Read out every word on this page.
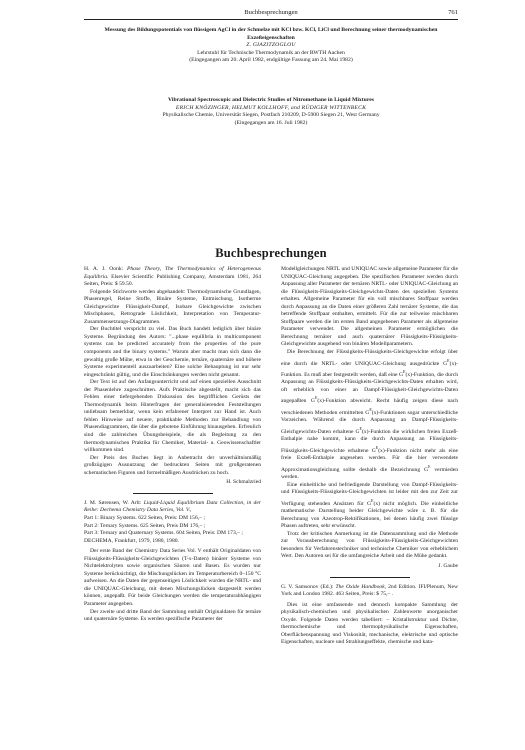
Buchbesprechungen	761
Messung des Bildungspotentials von flüssigem AgCl in der Schmelze mit KCl bzw. KCl, LiCl und Berechnung seiner thermodynamischen Exzeßeigenschaften
Z. GIAZITZOGLOU
Lehrstuhl für Technische Thermodynamik an der RWTH Aachen
(Eingegangen am 20. April 1982, endgültige Fassung am 24. Mai 1982)
Vibrational Spectroscopic and Dielectric Studies of Nitromethane in Liquid Mixtures
ERICH KNÖZINGER, HELMUT KOLLHOFF, and RÜDIGER WITTENBECK
Physikalische Chemie, Universität Siegen, Postfach 210209, D-5900 Siegen 21, West Germany
(Eingegangen am 16. Juli 1982)
Buchbesprechungen

H. A. J. Oonk: Phase Theory, The Thermodynamics of Heterogeneous Equilibria. Elsevier Scientific Publishing Company, Amsterdam 1981, 264 Seiten, Preis: $ 59.50.

Folgende Stichworte werden abgehandelt: Thermodynamische Grundlagen, Phasenregel, Reine Stoffe, Binäre Systeme, Entmischung, Isotherme Gleichgewichte Flüssigkeit-Dampf, Isobare Gleichgewichte zwischen Mischphasen, Retrograde Löslichkeit, Interpretation von Temperatur-Zusammensetzungs-Diagrammen.

Der Buchtitel verspricht zu viel. Das Buch handelt lediglich über binäre Systeme. Begründung des Autors: "...phase equilibria in multicomponent systems can be predicted accurately from the properties of the pure components and the binary systems." Warum aber macht man sich dann die gewaltig große Mühe, etwa in der Geochemie, ternäre, quaternäre und höhere Systeme experimentell auszuarbeiten? Eine solche Behauptung ist nur sehr eingeschränkt gültig, und die Einschränkungen werden nicht genannt.

Der Text ist auf den Anfangsunterricht und auf einen speziellen Ausschnitt der Phasenlehre zugeschnitten. Aufs Praktische abgestellt, macht sich das Fehlen einer tiefergehenden Diskussion des begrifflichen Gerüsts der Thermodynamik beim Hinterfragen der generalisierenden Feststellungen unliebsam bemerkbar, wenn kein erfahrener Interpret zur Hand ist. Auch fehlen Hinweise auf neuere, praktikable Methoden zur Behandlung von Phasendiagrammen, die über die gebotene Einführung hinausgehen. Erfreulich sind die zahlreichen Übungsbeispiele, die als Begleitung zu den thermodynamischen Praktika für Chemiker, Material- u. Geowissenschaftler willkommen sind.

Der Preis des Buches liegt in Anbetracht der unverhältnismäßig großzügigen Ausnutzung der bedruckten Seiten mit großgeratenen schematischen Figuren und formelmäßigen Ausdrücken zu hoch.

H. Schmalzried

J. M. Sørensen, W. Arlt: Liquid-Liquid Equilibrium Data Collection, in der Reihe: Dechema Chemistry Data Series, Vol. V.,

Part 1: Binary Systems. 622 Seiten, Preis: DM 156,– ;

Part 2: Ternary Systems. 625 Seiten, Preis DM 176,– ;

Part 3: Ternary and Quaternary Systems. 604 Seiten, Preis: DM 173,– ;

DECHEMA, Frankfurt, 1979, 1980, 1980.

Der erste Band der Chemistry Data Series Vol. V enthält Originaldaten von Flüssigkeits-Flüssigkeits-Gleichgewichten (T-x-Daten) binärer Systeme von Nichtelektrolyten sowie organischen Säuren und Basen. Es wurden nur Systeme berücksichtigt, die Mischungslücken im Temperaturbereich 0–150 °C aufweisen. An die Daten der gegenseitigen Löslichkeit wurden die NRTL- und die UNIQUAC-Gleichung, mit denen Mischungslücken dargestellt werden können, angepaßt. Für beide Gleichungen werden die temperaturabhängigen Parameter angegeben.

Der zweite und dritte Band der Sammlung enthält Originaldaten für ternäre und quaternäre Systeme. Es werden spezifische Parameter der

Modellgleichungen NRTL und UNIQUAC sowie allgemeine Parameter für die UNIQUAC-Gleichung angegeben. Die spezifischen Parameter werden durch Anpassung aller Parameter der ternären NRTL- oder UNIQUAC-Gleichung an die Flüssigkeits-Flüssigkeits-Gleichgewichts-Daten des speziellen Systems erhalten. Allgemeine Parameter für ein voll mischbares Stoffpaar werden durch Anpassung an die Daten einer größeren Zahl ternärer Systeme, die das betreffende Stoffpaar enthalten, ermittelt. Für die zur teilweise mischbaren Stoffpaare werden die im ersten Band angegebenen Parameter als allgemeine Parameter verwendet. Die allgemeinen Parameter ermöglichen die Berechnung ternärer und auch quaternärer Flüssigkeits-Flüssigkeits-Gleichgewichte ausgehend von binären Modellparametern.

Die Berechnung der Flüssigkeits-Flüssigkeits-Gleichgewichte erfolgt über eine durch die NRTL- oder UNIQUAC-Gleichung ausgedrückte $G^E(x)$-Funktion. Es muß aber festgestellt werden, daß eine $G^E(x)$-Funktion, die durch Anpassung an Flüssigkeits-Flüssigkeits-Gleichgewichts-Daten erhalten wird, oft erheblich von einer an Dampf-Flüssigkeit-Gleichgewichts-Daten angepaßten $G^E(x)$-Funktion abweicht. Recht häufig zeigen diese nach verschiedenen Methoden ermittelten $G^E(x)$-Funktionen sogar unterschiedliche Vorzeichen. Während die durch Anpassung an Dampf-Flüssigkeits-Gleichgewichts-Daten erhaltene $G^E(x)$-Funktion die wirklichen freien Exzeß-Enthalpie nahe kommt, kann die durch Anpassung an Flüssigkeits-Flüssigkeits-Gleichgewichte erhaltene $G^E(x)$-Funktion nicht mehr als eine freie Exzeß-Enthalpie angesehen werden. Für die hier verwendete Approximationsgleichung sollte deshalb die Bezeichnung $G^E$ vermieden werden.

Eine einheitliche und befriedigende Darstellung von Dampf-Flüssigkeits- und Flüssigkeits-Flüssigkeits-Gleichgewichten ist leider mit den zur Zeit zur Verfügung stehenden Ansätzen für $G^E(x)$ nicht möglich. Die einheitliche mathematische Darstellung beider Gleichgewichte wäre z. B. für die Berechnung von Azeotrop-Rektifikationen, bei denen häufig zwei flüssige Phasen auftreten, sehr erwünscht.

Trotz der kritischen Anmerkung ist die Datensammlung und die Methode zur Vorausberechnung von Flüssigkeits-Flüssigkeits-Gleichgewichten besonders für Verfahrenstechniker und technische Chemiker von erheblichem Wert. Den Autoren sei für die umfangreiche Arbeit und die Mühe gedankt.

J. Gaube

G. V. Samsonov (Ed.): The Oxide Handbook, 2nd Edition. IFI/Plenum, New York and London 1982. 463 Seiten, Preis: $ 75,– .

Dies ist eine umfassende und dennoch kompakte Sammlung der physikalisch-chemischen und physikalischen Zahlenwerte anorganischer Oxyde. Folgende Daten werden tabelliert: – Kristallstruktur und Dichte, thermochemische und thermophysikalische Eigenschaften, Oberflächenspannung und Viskosität, mechanische, elektrische und optische Eigenschaften, nucleare und Strahlungseffekte, chemische und kata-
